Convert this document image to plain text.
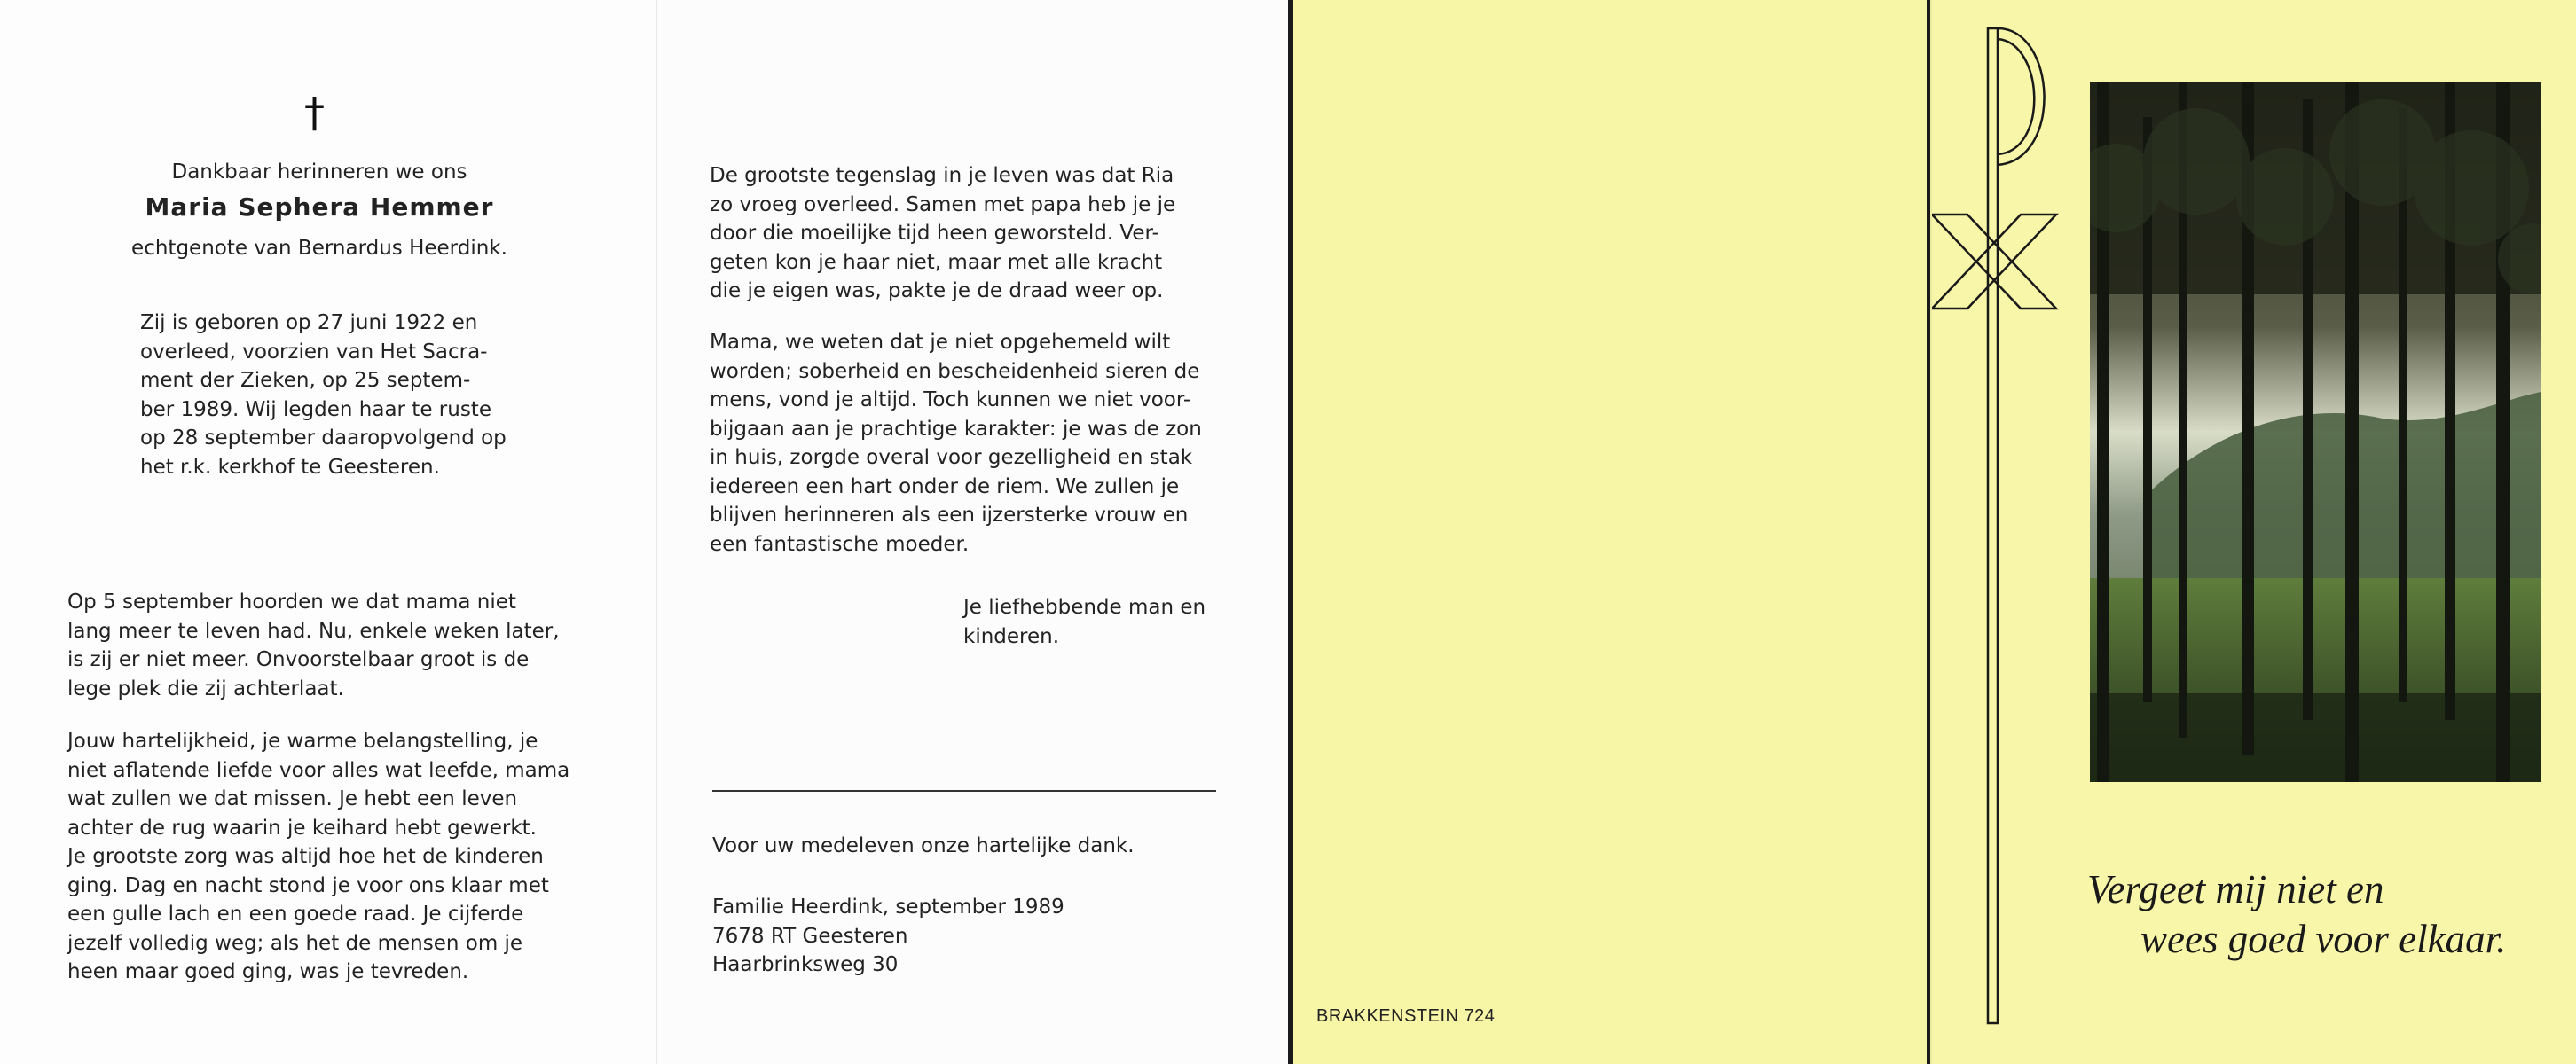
†
Dankbaar herinneren we ons
Maria Sephera Hemmer
echtgenote van Bernardus Heerdink.

Zij is geboren op 27 juni 1922 en

overleed, voorzien van Het Sacra-

ment der Zieken, op 25 septem-

ber 1989. Wij legden haar te ruste

op 28 september daaropvolgend op

het r.k. kerkhof te Geesteren.

Op 5 september hoorden we dat mama niet

lang meer te leven had. Nu, enkele weken later,

is zij er niet meer. Onvoorstelbaar groot is de

lege plek die zij achterlaat.

Jouw hartelijkheid, je warme belangstelling, je

niet aflatende liefde voor alles wat leefde, mama

wat zullen we dat missen. Je hebt een leven

achter de rug waarin je keihard hebt gewerkt.

Je grootste zorg was altijd hoe het de kinderen

ging. Dag en nacht stond je voor ons klaar met

een gulle lach en een goede raad. Je cijferde

jezelf volledig weg; als het de mensen om je

heen maar goed ging, was je tevreden.

De grootste tegenslag in je leven was dat Ria

zo vroeg overleed. Samen met papa heb je je

door die moeilijke tijd heen geworsteld. Ver-

geten kon je haar niet, maar met alle kracht

die je eigen was, pakte je de draad weer op.

Mama, we weten dat je niet opgehemeld wilt

worden; soberheid en bescheidenheid sieren de

mens, vond je altijd. Toch kunnen we niet voor-

bijgaan aan je prachtige karakter: je was de zon

in huis, zorgde overal voor gezelligheid en stak

iedereen een hart onder de riem. We zullen je

blijven herinneren als een ijzersterke vrouw en

een fantastische moeder.

Je liefhebbende man en

kinderen.

Voor uw medeleven onze hartelijke dank.

Familie Heerdink, september 1989

7678 RT Geesteren

Haarbrinksweg 30

BRAKKENSTEIN 724
Vergeet mij niet en
wees goed voor elkaar.
